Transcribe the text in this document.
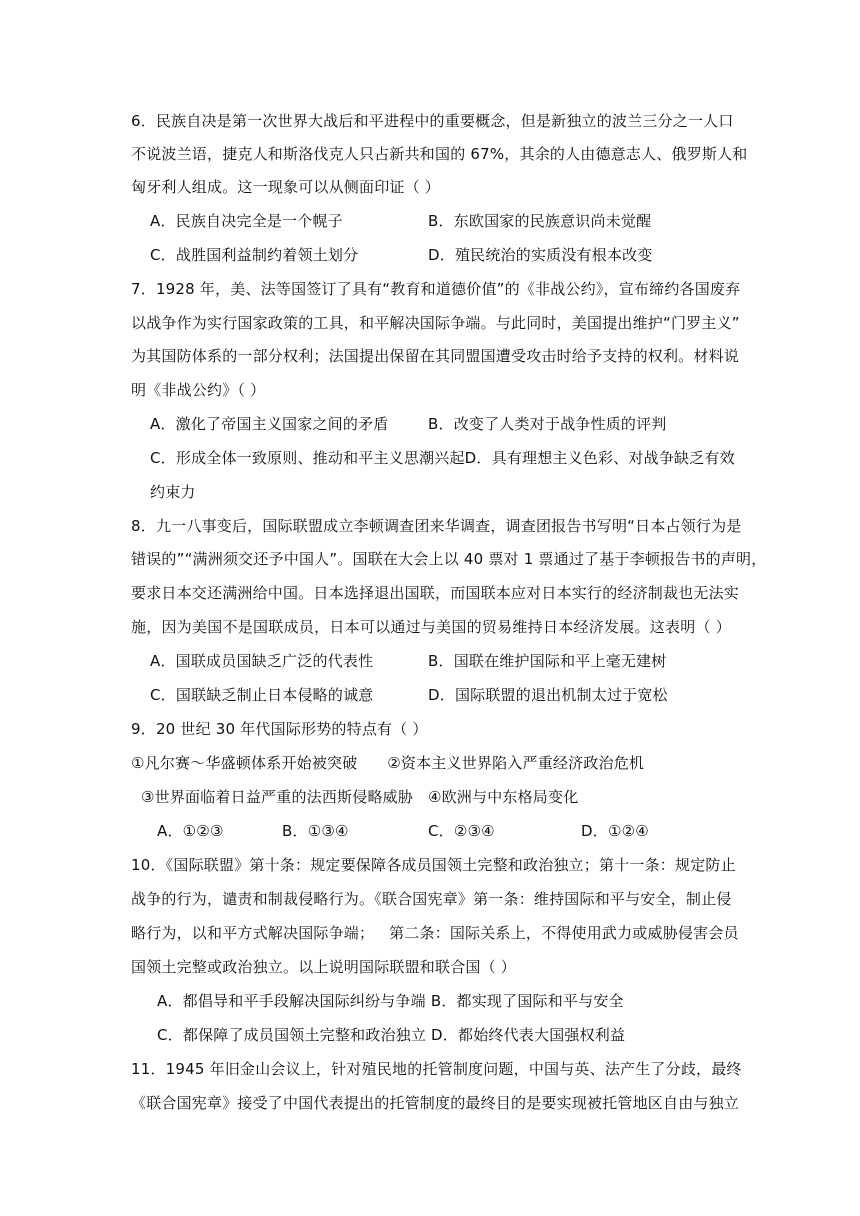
6．民族自决是第一次世界大战后和平进程中的重要概念，但是新独立的波兰三分之一人口
不说波兰语，捷克人和斯洛伐克人只占新共和国的 67%，其余的人由德意志人、俄罗斯人和
匈牙利人组成。这一现象可以从侧面印证（ ）
A．民族自决完全是一个幌子	B．东欧国家的民族意识尚未觉醒
C．战胜国利益制约着领土划分	D．殖民统治的实质没有根本改变
7．1928 年，美、法等国签订了具有“教育和道德价值”的《非战公约》，宣布缔约各国废弃
以战争作为实行国家政策的工具，和平解决国际争端。与此同时，美国提出维护“门罗主义”
为其国防体系的一部分权利；法国提出保留在其同盟国遭受攻击时给予支持的权利。材料说
明《非战公约》（ ）
A．激化了帝国主义国家之间的矛盾	B．改变了人类对于战争性质的评判
C．形成全体一致原则、推动和平主义思潮兴起D．具有理想主义色彩、对战争缺乏有效
约束力
8．九一八事变后，国际联盟成立李顿调查团来华调查，调查团报告书写明“日本占领行为是
错误的”“满洲须交还予中国人”。国联在大会上以 40 票对 1 票通过了基于李顿报告书的声明，
要求日本交还满洲给中国。日本选择退出国联，而国联本应对日本实行的经济制裁也无法实
施，因为美国不是国联成员，日本可以通过与美国的贸易维持日本经济发展。这表明（ ）
A．国联成员国缺乏广泛的代表性	B．国联在维护国际和平上毫无建树
C．国联缺乏制止日本侵略的诚意	D．国际联盟的退出机制太过于宽松
9．20 世纪 30 年代国际形势的特点有（ ）
①凡尔赛～华盛顿体系开始被突破      ②资本主义世界陷入严重经济政治危机
③世界面临着日益严重的法西斯侵略威胁   ④欧洲与中东格局变化
A．①②③	B．①③④	C．②③④	D．①②④
10．《国际联盟》第十条：规定要保障各成员国领土完整和政治独立；第十一条：规定防止
战争的行为，谴责和制裁侵略行为。《联合国宪章》第一条：维持国际和平与安全，制止侵
略行为，以和平方式解决国际争端；   第二条：国际关系上，不得使用武力或威胁侵害会员
国领土完整或政治独立。以上说明国际联盟和联合国（ ）
A．都倡导和平手段解决国际纠纷与争端 B．都实现了国际和平与安全
C．都保障了成员国领土完整和政治独立 D．都始终代表大国强权利益
11．1945 年旧金山会议上，针对殖民地的托管制度问题，中国与英、法产生了分歧，最终
《联合国宪章》接受了中国代表提出的托管制度的最终目的是要实现被托管地区自由与独立
